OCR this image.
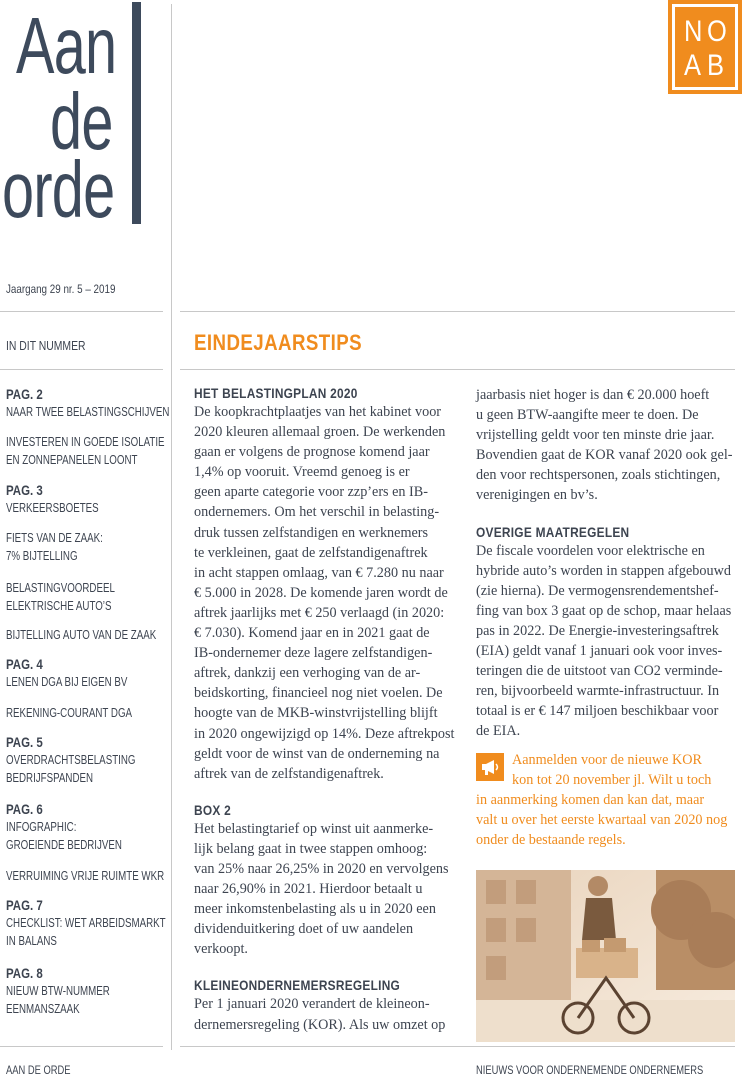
Aan
de
orde
N O
A B
Jaargang 29 nr. 5 – 2019
IN DIT NUMMER	EINDEJAARSTIPS
PAG. 2
NAAR TWEE BELASTINGSCHIJVEN
INVESTEREN IN GOEDE ISOLATIE
EN ZONNEPANELEN LOONT
PAG. 3
VERKEERSBOETES
FIETS VAN DE ZAAK:
7% BIJTELLING
BELASTINGVOORDEEL
ELEKTRISCHE AUTO’S
BIJTELLING AUTO VAN DE ZAAK
PAG. 4
LENEN DGA BIJ EIGEN BV
REKENING-COURANT DGA
PAG. 5
OVERDRACHTSBELASTING
BEDRIJFSPANDEN
PAG. 6
INFOGRAPHIC:
GROEIENDE BEDRIJVEN
VERRUIMING VRIJE RUIMTE WKR
PAG. 7
CHECKLIST: WET ARBEIDSMARKT
IN BALANS
PAG. 8
NIEUW BTW-NUMMER
EENMANSZAAK
HET BELASTINGPLAN 2020

De koopkrachtplaatjes van het kabinet voor
2020 kleuren allemaal groen. De werkenden
gaan er volgens de prognose komend jaar
1,4% op vooruit. Vreemd genoeg is er
geen aparte categorie voor zzp’ers en IB-
ondernemers. Om het verschil in belasting-
druk tussen zelfstandigen en werknemers
te verkleinen, gaat de zelfstandigenaftrek
in acht stappen omlaag, van € 7.280 nu naar
€ 5.000 in 2028. De komende jaren wordt de
aftrek jaarlijks met € 250 verlaagd (in 2020:
€ 7.030). Komend jaar en in 2021 gaat de
IB-ondernemer deze lagere zelfstandigen-
aftrek, dankzij een verhoging van de ar-
beidskorting, financieel nog niet voelen. De
hoogte van de MKB-winstvrijstelling blijft
in 2020 ongewijzigd op 14%. Deze aftrekpost
geldt voor de winst van de onderneming na
aftrek van de zelfstandigenaftrek.

BOX 2

Het belastingtarief op winst uit aanmerke-
lijk belang gaat in twee stappen omhoog:
van 25% naar 26,25% in 2020 en vervolgens
naar 26,90% in 2021. Hierdoor betaalt u
meer inkomstenbelasting als u in 2020 een
dividenduitkering doet of uw aandelen
verkoopt.

KLEINEONDERNEMERSREGELING

Per 1 januari 2020 verandert de kleineon-
dernemersregeling (KOR). Als uw omzet op

jaarbasis niet hoger is dan € 20.000 hoeft
u geen BTW-aangifte meer te doen. De
vrijstelling geldt voor ten minste drie jaar.
Bovendien gaat de KOR vanaf 2020 ook gel-
den voor rechtspersonen, zoals stichtingen,
verenigingen en bv’s.

OVERIGE MAATREGELEN

De fiscale voordelen voor elektrische en
hybride auto’s worden in stappen afgebouwd
(zie hierna). De vermogensrendementshef-
fing van box 3 gaat op de schop, maar helaas
pas in 2022. De Energie-investeringsaftrek
(EIA) geldt vanaf 1 januari ook voor inves-
teringen die de uitstoot van CO2 verminde-
ren, bijvoorbeeld warmte-infrastructuur. In
totaal is er € 147 miljoen beschikbaar voor
de EIA.

Aanmelden voor de nieuwe KOR
kon tot 20 november jl. Wilt u toch
in aanmerking komen dan kan dat, maar
valt u over het eerste kwartaal van 2020 nog
onder de bestaande regels.
AAN DE ORDE	NIEUWS VOOR ONDERNEMENDE ONDERNEMERS
